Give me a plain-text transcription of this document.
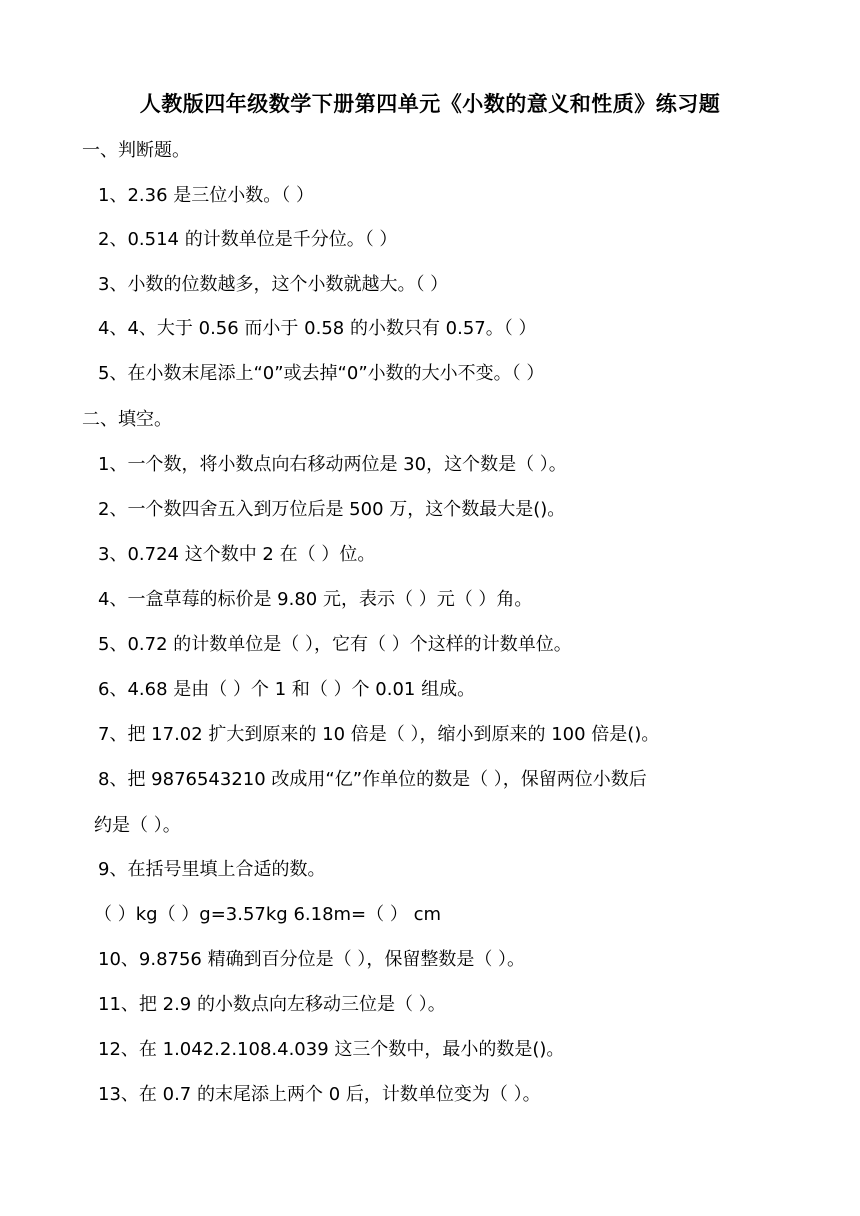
人教版四年级数学下册第四单元《小数的意义和性质》练习题
一、判断题。
1、2.36 是三位小数。（ ）
2、0.514 的计数单位是千分位。（ ）
3、小数的位数越多，这个小数就越大。（ ）
4、4、大于 0.56 而小于 0.58 的小数只有 0.57。（ ）
5、在小数末尾添上“0”或去掉“0”小数的大小不变。（ ）
二、填空。
1、一个数，将小数点向右移动两位是 30，这个数是（ ）。
2、一个数四舍五入到万位后是 500 万，这个数最大是()。
3、0.724 这个数中 2 在（ ）位。
4、一盒草莓的标价是 9.80 元，表示（ ）元（ ）角。
5、0.72 的计数单位是（ ），它有（ ）个这样的计数单位。
6、4.68 是由（ ）个 1 和（ ）个 0.01 组成。
7、把 17.02 扩大到原来的 10 倍是（ ），缩小到原来的 100 倍是()。
8、把 9876543210 改成用“亿”作单位的数是（ ），保留两位小数后
约是（ ）。
9、在括号里填上合适的数。
（ ）kg（ ）g=3.57kg 6.18m=（ ） cm
10、9.8756 精确到百分位是（ ），保留整数是（ ）。
11、把 2.9 的小数点向左移动三位是（ ）。
12、在 1.042.2.108.4.039 这三个数中，最小的数是()。
13、在 0.7 的末尾添上两个 0 后，计数单位变为（ ）。
